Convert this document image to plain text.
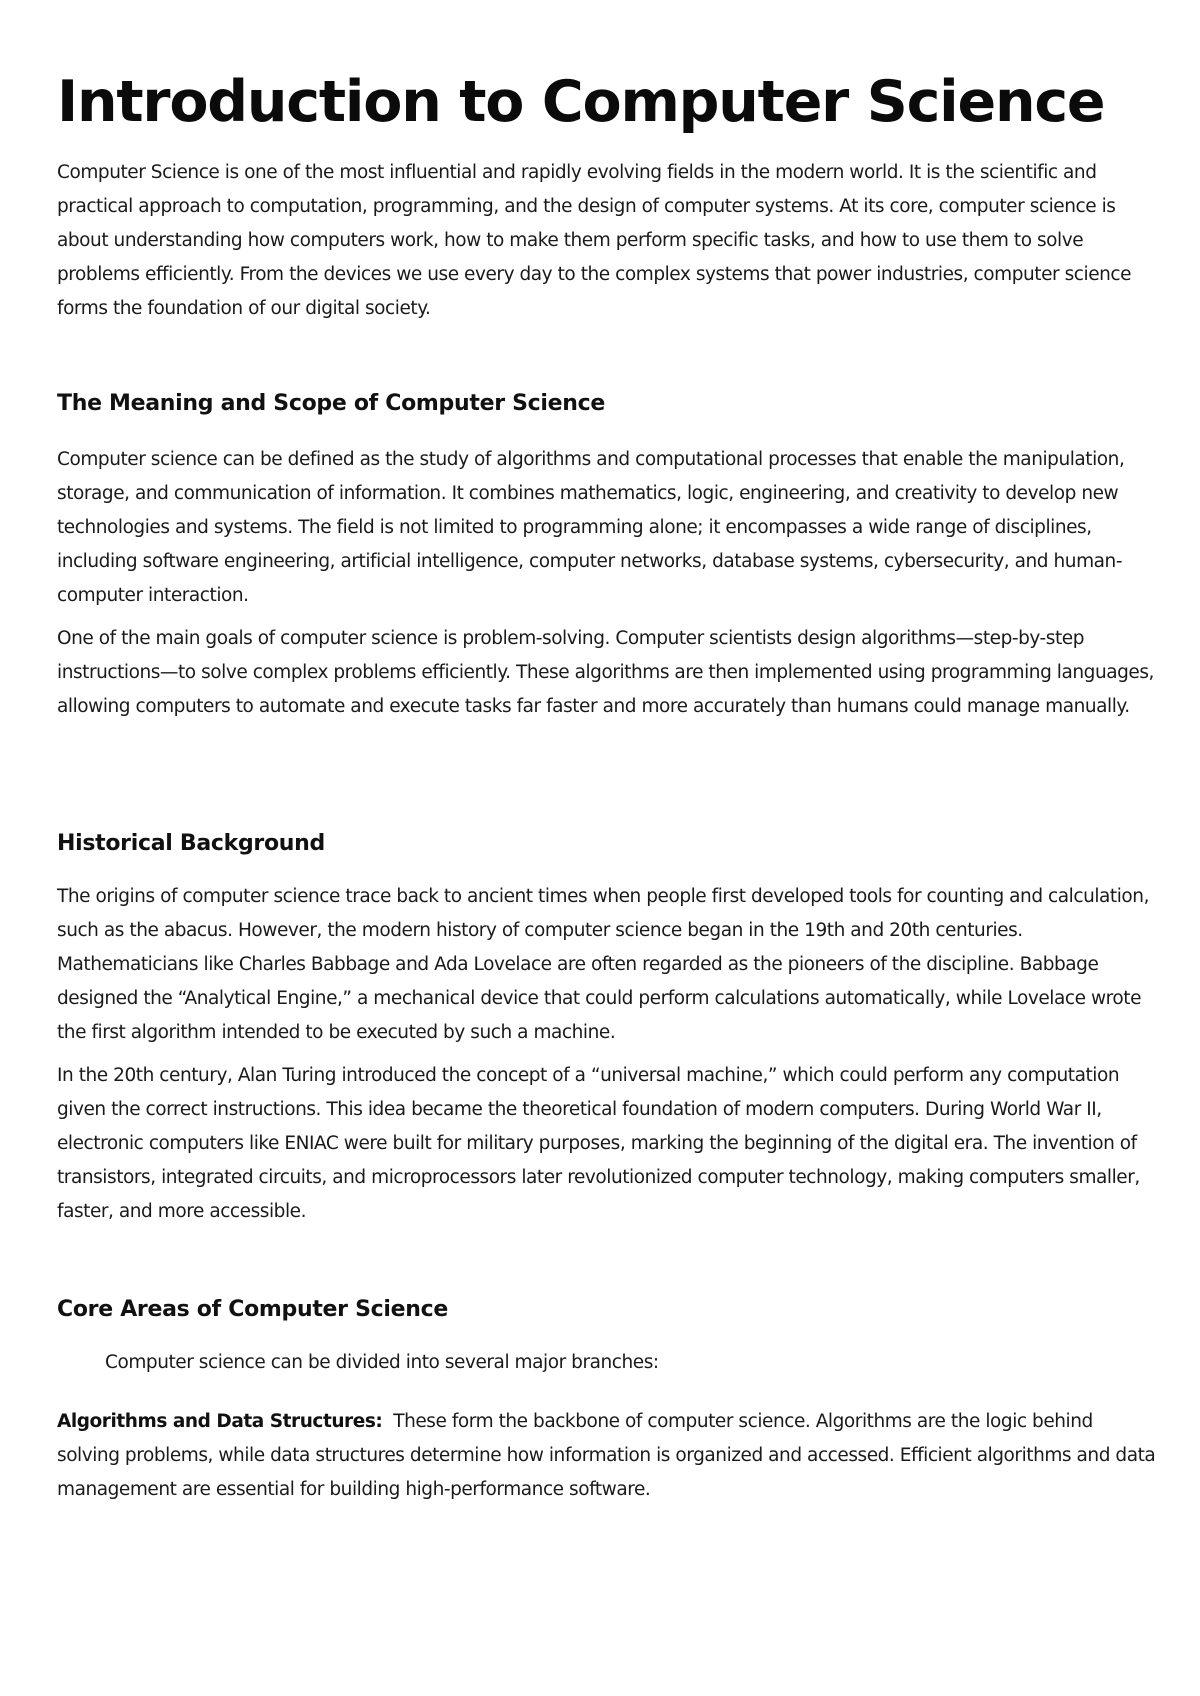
Introduction to Computer Science

Computer Science is one of the most influential and rapidly evolving fields in the modern world. It is the scientific and practical approach to computation, programming, and the design of computer systems. At its core, computer science is about understanding how computers work, how to make them perform specific tasks, and how to use them to solve problems efficiently. From the devices we use every day to the complex systems that power industries, computer science forms the foundation of our digital society.

The Meaning and Scope of Computer Science

Computer science can be defined as the study of algorithms and computational processes that enable the manipulation, storage, and communication of information. It combines mathematics, logic, engineering, and creativity to develop new technologies and systems. The field is not limited to programming alone; it encompasses a wide range of disciplines, including software engineering, artificial intelligence, computer networks, database systems, cybersecurity, and human-computer interaction.

One of the main goals of computer science is problem-solving. Computer scientists design algorithms—step-by-step instructions—to solve complex problems efficiently. These algorithms are then implemented using programming languages, allowing computers to automate and execute tasks far faster and more accurately than humans could manage manually.

Historical Background

The origins of computer science trace back to ancient times when people first developed tools for counting and calculation, such as the abacus. However, the modern history of computer science began in the 19th and 20th centuries. Mathematicians like Charles Babbage and Ada Lovelace are often regarded as the pioneers of the discipline. Babbage designed the “Analytical Engine,” a mechanical device that could perform calculations automatically, while Lovelace wrote the first algorithm intended to be executed by such a machine.

In the 20th century, Alan Turing introduced the concept of a “universal machine,” which could perform any computation given the correct instructions. This idea became the theoretical foundation of modern computers. During World War II, electronic computers like ENIAC were built for military purposes, marking the beginning of the digital era. The invention of transistors, integrated circuits, and microprocessors later revolutionized computer technology, making computers smaller, faster, and more accessible.

Core Areas of Computer Science

Computer science can be divided into several major branches:

Algorithms and Data Structures: These form the backbone of computer science. Algorithms are the logic behind solving problems, while data structures determine how information is organized and accessed. Efficient algorithms and data management are essential for building high-performance software.
